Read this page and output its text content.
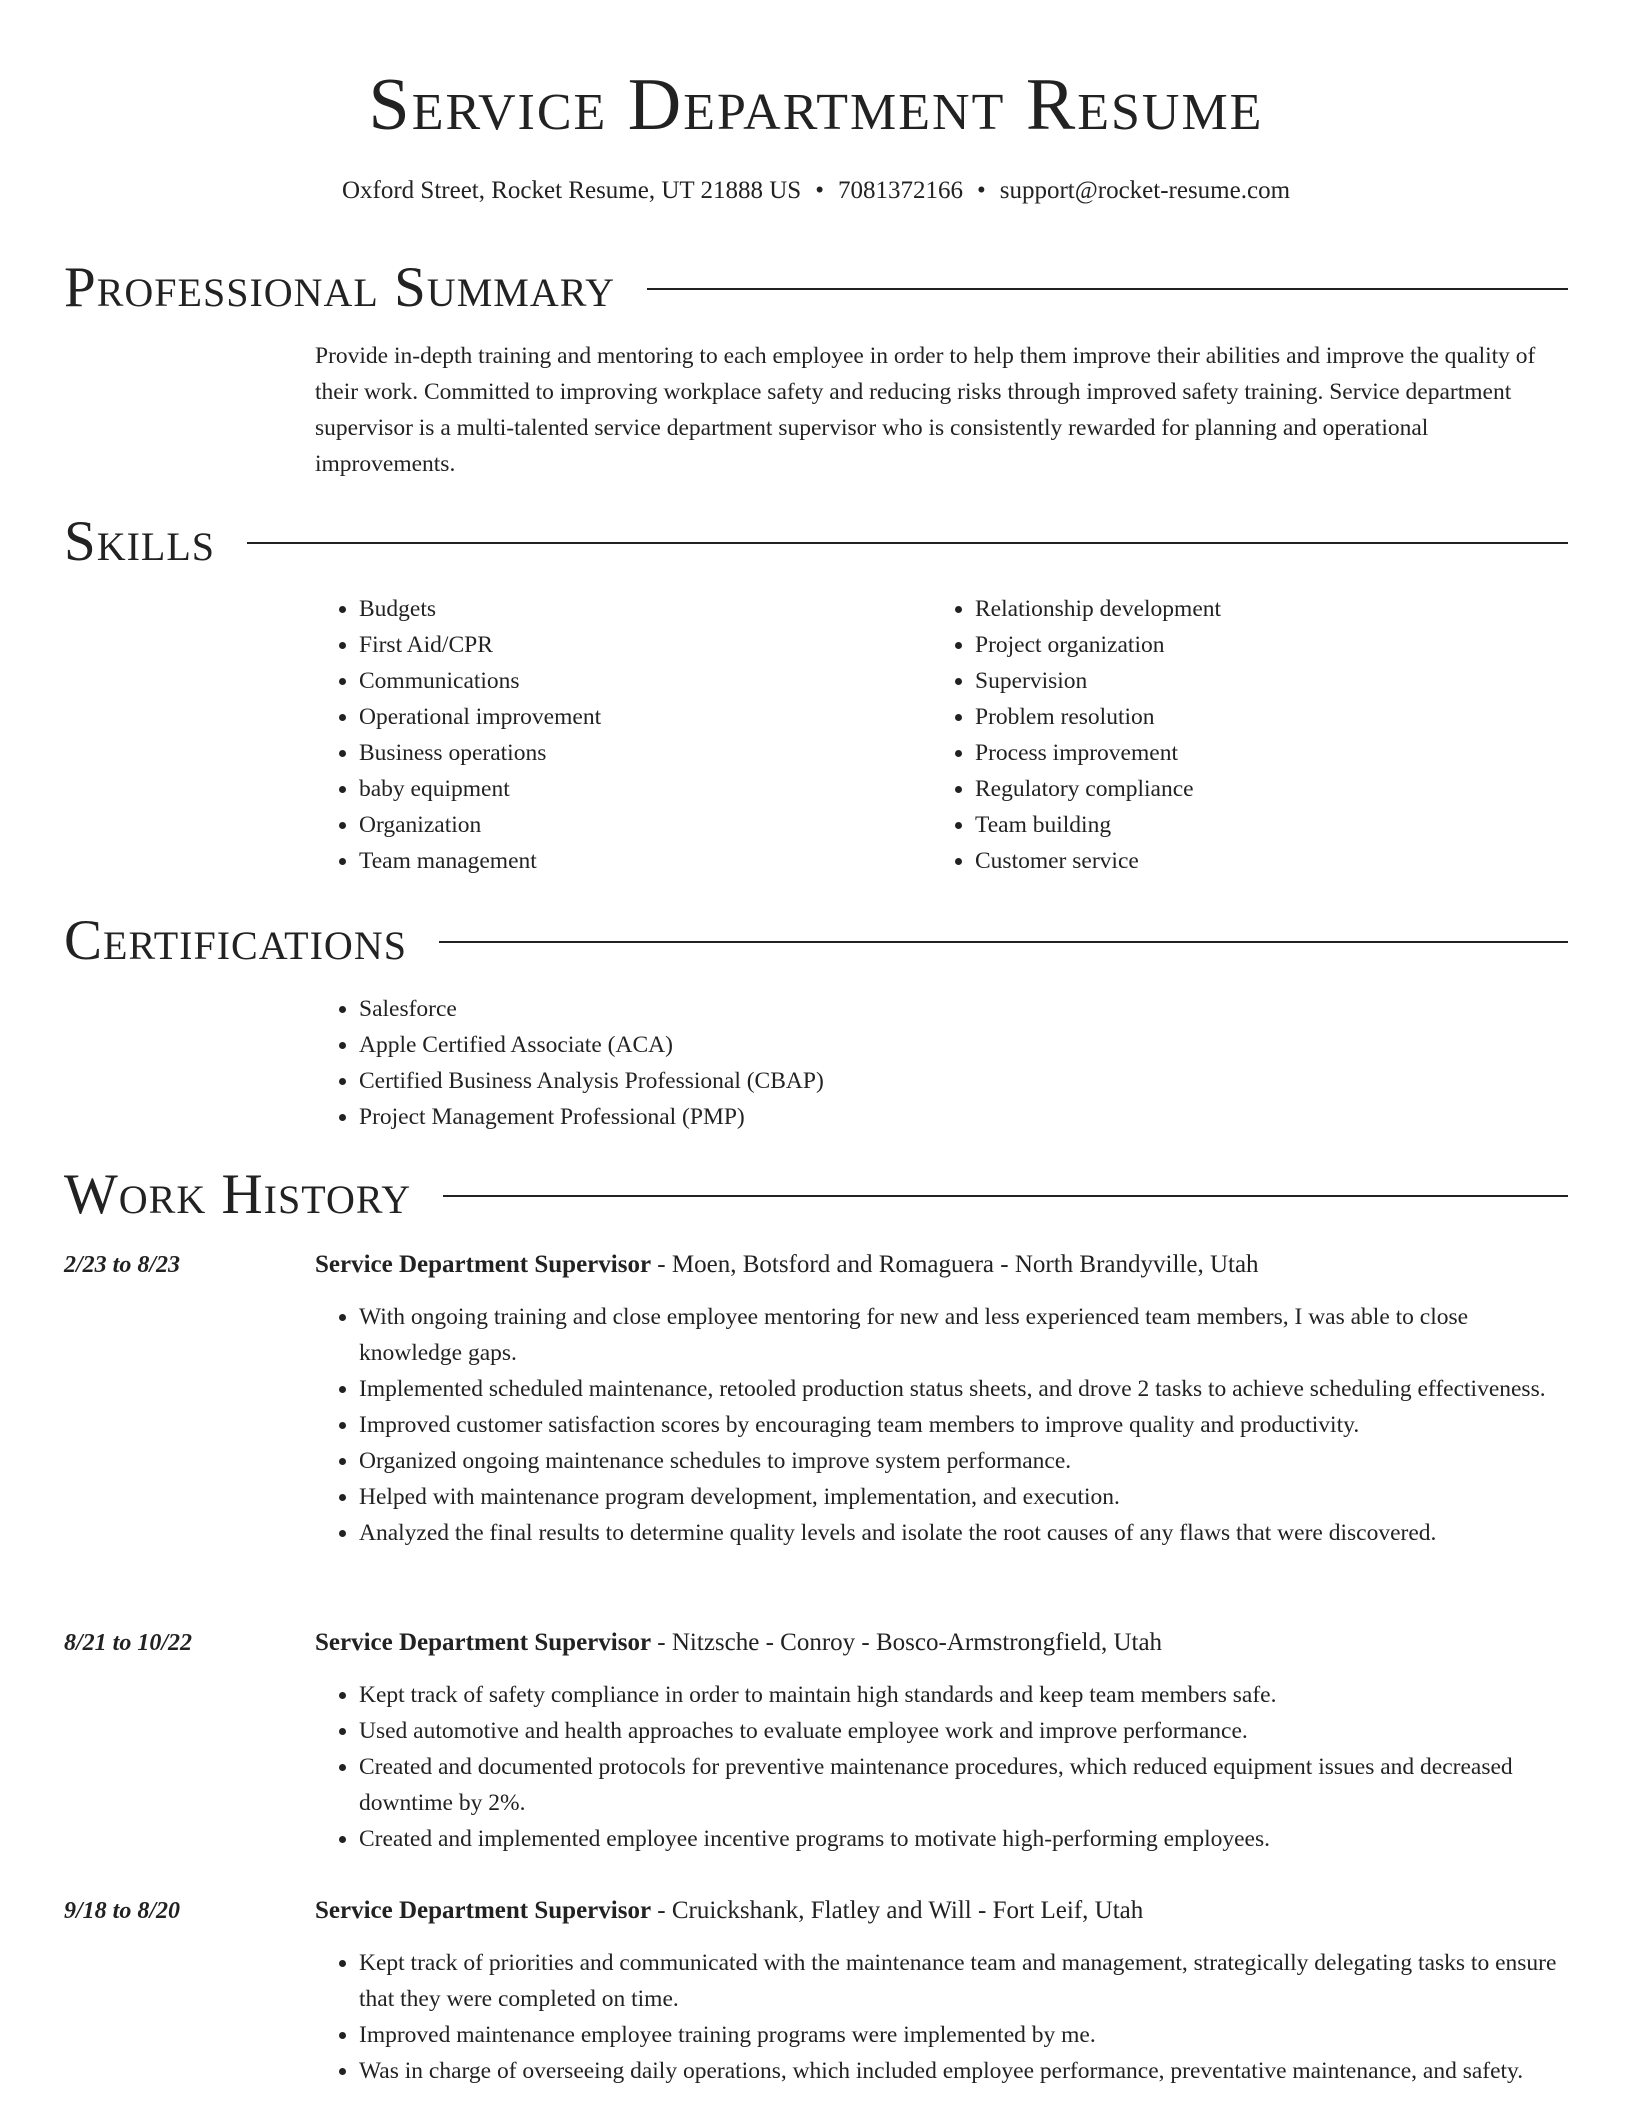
Service Department Resume
Oxford Street, Rocket Resume, UT 21888 US • 7081372166 • support@rocket-resume.com
Professional Summary

Provide in-depth training and mentoring to each employee in order to help them improve their abilities and improve the quality of their work. Committed to improving workplace safety and reducing risks through improved safety training. Service department supervisor is a multi-talented service department supervisor who is consistently rewarded for planning and operational improvements.

Skills
• Budgets
• First Aid/CPR
• Communications
• Operational improvement
• Business operations
• baby equipment
• Organization
• Team management
• Relationship development
• Project organization
• Supervision
• Problem resolution
• Process improvement
• Regulatory compliance
• Team building
• Customer service
Certifications
• Salesforce
• Apple Certified Associate (ACA)
• Certified Business Analysis Professional (CBAP)
• Project Management Professional (PMP)
Work History
2/23 to 8/23	Service Department Supervisor - Moen, Botsford and Romaguera - North Brandyville, Utah
• With ongoing training and close employee mentoring for new and less experienced team members, I was able to close knowledge gaps.
• Implemented scheduled maintenance, retooled production status sheets, and drove 2 tasks to achieve scheduling effectiveness.
• Improved customer satisfaction scores by encouraging team members to improve quality and productivity.
• Organized ongoing maintenance schedules to improve system performance.
• Helped with maintenance program development, implementation, and execution.
• Analyzed the final results to determine quality levels and isolate the root causes of any flaws that were discovered.
8/21 to 10/22	Service Department Supervisor - Nitzsche - Conroy - Bosco-Armstrongfield, Utah
• Kept track of safety compliance in order to maintain high standards and keep team members safe.
• Used automotive and health approaches to evaluate employee work and improve performance.
• Created and documented protocols for preventive maintenance procedures, which reduced equipment issues and decreased downtime by 2%.
• Created and implemented employee incentive programs to motivate high-performing employees.
9/18 to 8/20	Service Department Supervisor - Cruickshank, Flatley and Will - Fort Leif, Utah
• Kept track of priorities and communicated with the maintenance team and management, strategically delegating tasks to ensure that they were completed on time.
• Improved maintenance employee training programs were implemented by me.
• Was in charge of overseeing daily operations, which included employee performance, preventative maintenance, and safety.
